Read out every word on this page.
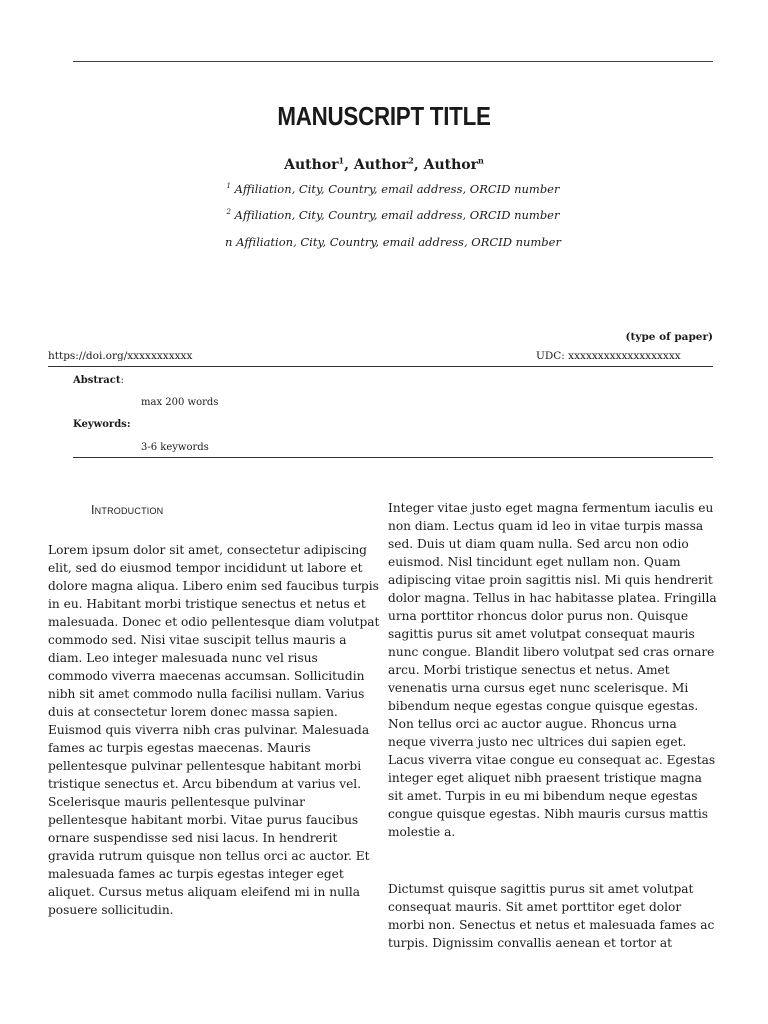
MANUSCRIPT TITLE
Author$^1$, Author$^2$, Author$^n$
$^1$ Affiliation, City, Country, email address, ORCID number
$^2$ Affiliation, City, Country, email address, ORCID number
n Affiliation, City, Country, email address, ORCID number
(type of paper)
https://doi.org/xxxxxxxxxxx	UDC: xxxxxxxxxxxxxxxxxxx
Abstract:
max 200 words
Keywords:
3-6 keywords
Introduction

Lorem ipsum dolor sit amet, consectetur adipiscing elit, sed do eiusmod tempor incididunt ut labore et dolore magna aliqua. Libero enim sed faucibus turpis in eu. Habitant morbi tristique senectus et netus et malesuada. Donec et odio pellentesque diam volutpat commodo sed. Nisi vitae suscipit tellus mauris a diam. Leo integer malesuada nunc vel risus commodo viverra maecenas accumsan. Sollicitudin nibh sit amet commodo nulla facilisi nullam. Varius duis at consectetur lorem donec massa sapien. Euismod quis viverra nibh cras pulvinar. Malesuada fames ac turpis egestas maecenas. Mauris pellentesque pulvinar pellentesque habitant morbi tristique senectus et. Arcu bibendum at varius vel. Scelerisque mauris pellentesque pulvinar pellentesque habitant morbi. Vitae purus faucibus ornare suspendisse sed nisi lacus. In hendrerit gravida rutrum quisque non tellus orci ac auctor. Et malesuada fames ac turpis egestas integer eget aliquet. Cursus metus aliquam eleifend mi in nulla posuere sollicitudin.

Integer vitae justo eget magna fermentum iaculis eu non diam. Lectus quam id leo in vitae turpis massa sed. Duis ut diam quam nulla. Sed arcu non odio euismod. Nisl tincidunt eget nullam non. Quam adipiscing vitae proin sagittis nisl. Mi quis hendrerit dolor magna. Tellus in hac habitasse platea. Fringilla urna porttitor rhoncus dolor purus non. Quisque sagittis purus sit amet volutpat consequat mauris nunc congue. Blandit libero volutpat sed cras ornare arcu. Morbi tristique senectus et netus. Amet venenatis urna cursus eget nunc scelerisque. Mi bibendum neque egestas congue quisque egestas. Non tellus orci ac auctor augue. Rhoncus urna neque viverra justo nec ultrices dui sapien eget. Lacus viverra vitae congue eu consequat ac. Egestas integer eget aliquet nibh praesent tristique magna sit amet. Turpis in eu mi bibendum neque egestas congue quisque egestas. Nibh mauris cursus mattis molestie a.

Dictumst quisque sagittis purus sit amet volutpat consequat mauris. Sit amet porttitor eget dolor morbi non. Senectus et netus et malesuada fames ac turpis. Dignissim convallis aenean et tortor at
